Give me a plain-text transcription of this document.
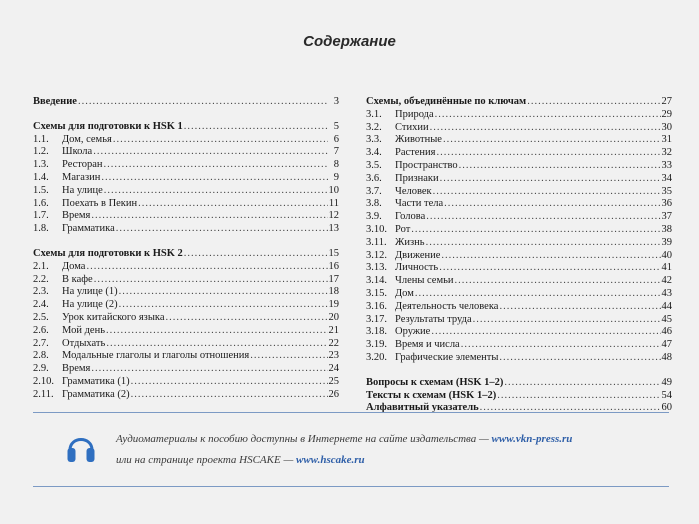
Содержание
Введение .....	3
Схемы для подготовки к HSK 1 .....	5
1.1.	Дом, семья .....	6
1.2.	Школа .....	7
1.3.	Ресторан .....	8
1.4.	Магазин .....	9
1.5.	На улице .....	10
1.6.	Поехать в Пекин .....	11
1.7.	Время .....	12
1.8.	Грамматика .....	13
Схемы для подготовки к HSK 2 .....	15
2.1.	Дома .....	16
2.2.	В кафе .....	17
2.3.	На улице (1) .....	18
2.4.	На улице (2) .....	19
2.5.	Урок китайского языка .....	20
2.6.	Мой день .....	21
2.7.	Отдыхать .....	22
2.8.	Модальные глаголы и глаголы отношения .....	23
2.9.	Время .....	24
2.10. Грамматика (1) .....	25
2.11. Грамматика (2) .....	26
Схемы, объединённые по ключам .....	27
3.1.	Природа .....	29
3.2.	Стихии .....	30
3.3.	Животные .....	31
3.4.	Растения .....	32
3.5.	Пространство .....	33
3.6.	Признаки .....	34
3.7.	Человек .....	35
3.8.	Части тела .....	36
3.9.	Голова .....	37
3.10. Рот .....	38
3.11. Жизнь .....	39
3.12. Движение .....	40
3.13. Личность .....	41
3.14. Члены семьи .....	42
3.15. Дом .....	43
3.16. Деятельность человека .....	44
3.17. Результаты труда .....	45
3.18. Оружие .....	46
3.19. Время и числа .....	47
3.20. Графические элементы .....	48
Вопросы к схемам (HSK 1–2) .....	49
Тексты к схемам (HSK 1–2) .....	54
Алфавитный указатель .....	60
Аудиоматериалы к пособию доступны в Интернете на сайте издательства — www.vkn-press.ru
или на странице проекта HSCAKE — www.hscake.ru
